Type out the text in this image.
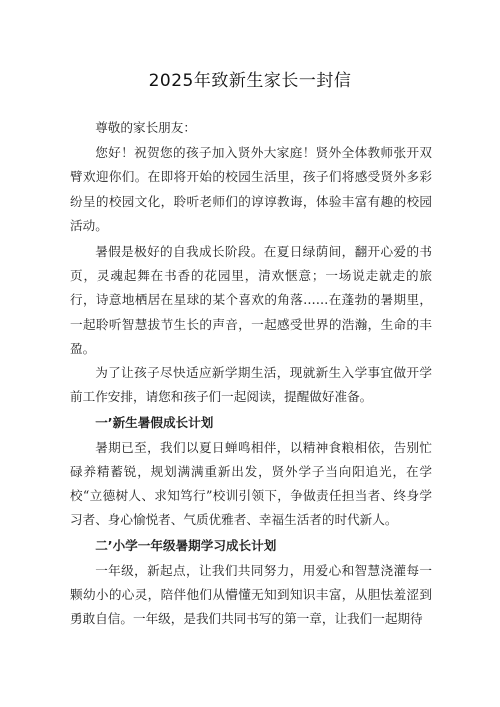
2025年致新生家长一封信

尊敬的家长朋友：

您好！祝贺您的孩子加入贤外大家庭！贤外全体教师张开双臂欢迎你们。在即将开始的校园生活里，孩子们将感受贤外多彩纷呈的校园文化，聆听老师们的谆谆教诲，体验丰富有趣的校园活动。

暑假是极好的自我成长阶段。在夏日绿荫间，翻开心爱的书页，灵魂起舞在书香的花园里，清欢惬意；一场说走就走的旅行，诗意地栖居在星球的某个喜欢的角落……在蓬勃的暑期里，一起聆听智慧拔节生长的声音，一起感受世界的浩瀚，生命的丰盈。

为了让孩子尽快适应新学期生活，现就新生入学事宜做开学前工作安排，请您和孩子们一起阅读，提醒做好准备。

一’新生暑假成长计划

暑期已至，我们以夏日蝉鸣相伴，以精神食粮相依，告别忙碌养精蓄锐，规划满满重新出发，贤外学子当向阳追光，在学校“立德树人、求知笃行”校训引领下，争做责任担当者、终身学习者、身心愉悦者、气质优雅者、幸福生活者的时代新人。

二’小学一年级暑期学习成长计划

一年级，新起点，让我们共同努力，用爱心和智慧浇灌每一颗幼小的心灵，陪伴他们从懵懂无知到知识丰富，从胆怯羞涩到勇敢自信。一年级，是我们共同书写的第一章，让我们一起期待
